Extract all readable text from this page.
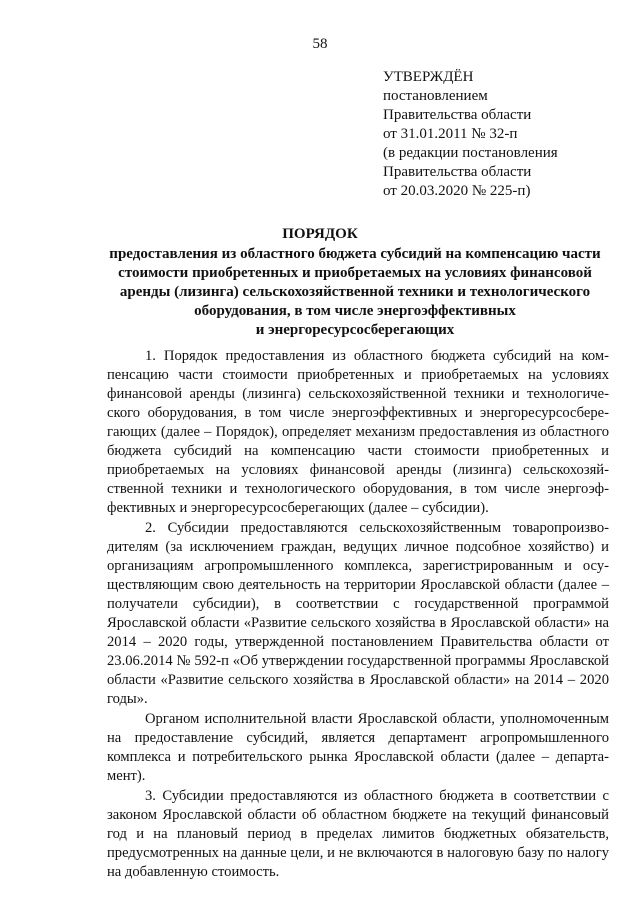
58
УТВЕРЖДЁН
постановлением
Правительства области
от 31.01.2011 № 32-п
(в редакции постановления
Правительства области
от 20.03.2020 № 225-п)
ПОРЯДОК
предоставления из областного бюджета субсидий на компенсацию части
стоимости приобретенных и приобретаемых на условиях финансовой
аренды (лизинга) сельскохозяйственной техники и технологического
оборудования, в том числе энергоэффективных
и энергоресурсосберегающих

1. Порядок предоставления из областного бюджета субсидий на компенсацию части стоимости приобретенных и приобретаемых на условиях финансовой аренды (лизинга) сельскохозяйственной техники и технологического оборудования, в том числе энергоэффективных и энергоресурсосберегающих (далее – Порядок), определяет механизм предоставления из областного бюджета субсидий на компенсацию части стоимости приобретенных и приобретаемых на условиях финансовой аренды (лизинга) сельскохозяйственной техники и технологического оборудования, в том числе энергоэффективных и энергоресурсосберегающих (далее – субсидии).

2. Субсидии предоставляются сельскохозяйственным товаропроизводителям (за исключением граждан, ведущих личное подсобное хозяйство) и организациям агропромышленного комплекса, зарегистрированным и осуществляющим свою деятельность на территории Ярославской области (далее – получатели субсидии), в соответствии с государственной программой Ярославской области «Развитие сельского хозяйства в Ярославской области» на 2014 – 2020 годы, утвержденной постановлением Правительства области от 23.06.2014 № 592-п «Об утверждении государственной программы Ярославской области «Развитие сельского хозяйства в Ярославской области» на 2014 – 2020 годы».

Органом исполнительной власти Ярославской области, уполномоченным на предоставление субсидий, является департамент агропромышленного комплекса и потребительского рынка Ярославской области (далее – департамент).

3. Субсидии предоставляются из областного бюджета в соответствии с законом Ярославской области об областном бюджете на текущий финансовый год и на плановый период в пределах лимитов бюджетных обязательств, предусмотренных на данные цели, и не включаются в налоговую базу по налогу на добавленную стоимость.
